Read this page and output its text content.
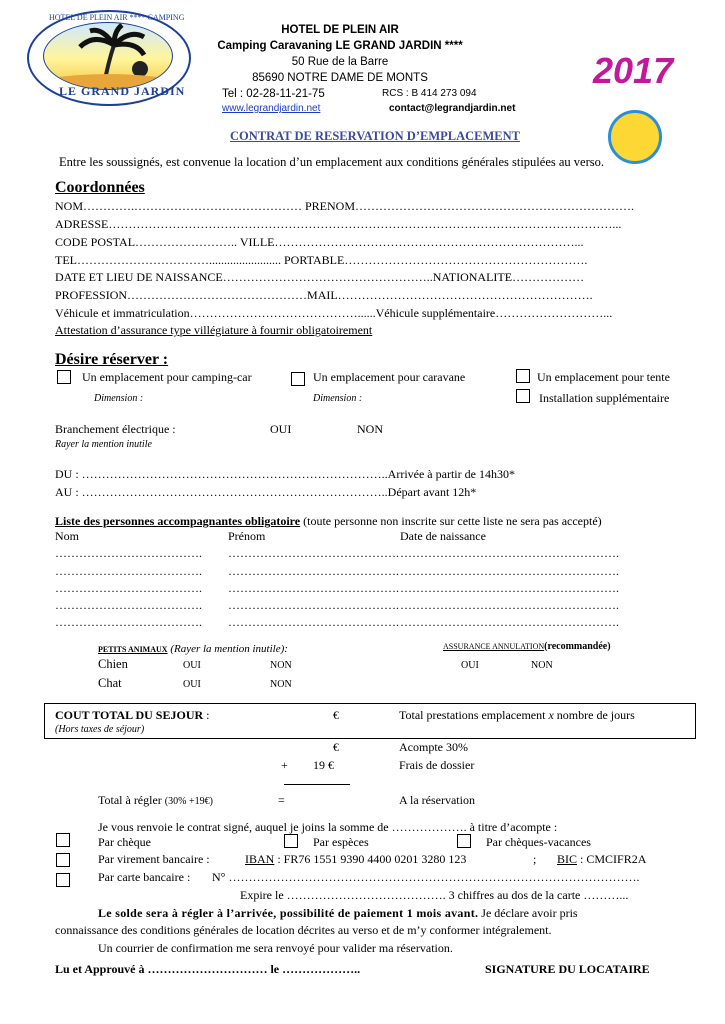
HOTEL DE PLEIN AIR **** CAMPING
LE GRAND JARDIN
HOTEL DE PLEIN AIR
Camping Caravaning LE GRAND JARDIN ****
50 Rue de la Barre
85690 NOTRE DAME DE MONTS
Tel : 02-28-11-21-75	RCS : B 414 273 094
www.legrandjardin.net	contact@legrandjardin.net
2017
CONTRAT DE RESERVATION D’EMPLACEMENT
Entre les soussignés, est convenue la location d’un emplacement aux conditions générales stipulées au verso.
Coordonnées
NOM………….…………………………………… PRENOM…………………………………………………………….
ADRESSE………………………………………………………………………………………………………………...
CODE POSTAL…………………….. VILLE…………………………………………………………………...
TEL……………………………........................ PORTABLE…………………………………………………….
DATE ET LIEU DE NAISSANCE……………………………………………..NATIONALITE………………
PROFESSION………………………………………MAIL……………………………………………………….
Véhicule et immatriculation……………………………………......Véhicule supplémentaire………………………...
Attestation d’assurance type villégiature à fournir obligatoirement
Désire réserver :
Un emplacement pour camping-car	Un emplacement pour caravane	Un emplacement pour tente
Dimension :	Dimension :	Installation supplémentaire
Branchement électrique :	OUI	NON
Rayer la mention inutile
DU : …………………………………………………………………..Arrivée à partir de 14h30*
AU : …………………………………………………………………..Départ avant 12h*
Liste des personnes accompagnantes obligatoire (toute personne non inscrite sur cette liste ne sera pas accepté)
Nom	Prénom	Date de naissance
………………………………. ……………………………………. ……………………………………………….
………………………………. ……………………………………. ……………………………………………….
………………………………. ……………………………………. ……………………………………………….
………………………………. ……………………………………. ……………………………………………….
………………………………. ……………………………………. ……………………………………………….
PETITS ANIMAUX (Rayer la mention inutile):
Chien	OUI	NON
Chat	OUI	NON
ASSURANCE ANNULATION(recommandée)
OUI	NON
COUT TOTAL DU SEJOUR :	€	Total prestations emplacement x nombre de jours
(Hors taxes de séjour)
€	Acompte 30%
+ 19 €	Frais de dossier
Total à régler (30% +19€)	=	A la réservation
Je vous renvoie le contrat signé, auquel je joins la somme de ………………. à titre d’acompte :
Par chèque	Par espèces	Par chèques-vacances
Par virement bancaire :	IBAN : FR76 1551 9390 4400 0201 3280 123	; BIC : CMCIFR2A
Par carte bancaire : N° ………………………………………………………………………………………….
Expire le …………………………………. 3 chiffres au dos de la carte ………...
Le solde sera à régler à l’arrivée, possibilité de paiement 1 mois avant. Je déclare avoir pris
connaissance des conditions générales de location décrites au verso et de m’y conformer intégralement.
Un courrier de confirmation me sera renvoyé pour valider ma réservation.
Lu et Approuvé à ………………………… le ………………..	SIGNATURE DU LOCATAIRE
